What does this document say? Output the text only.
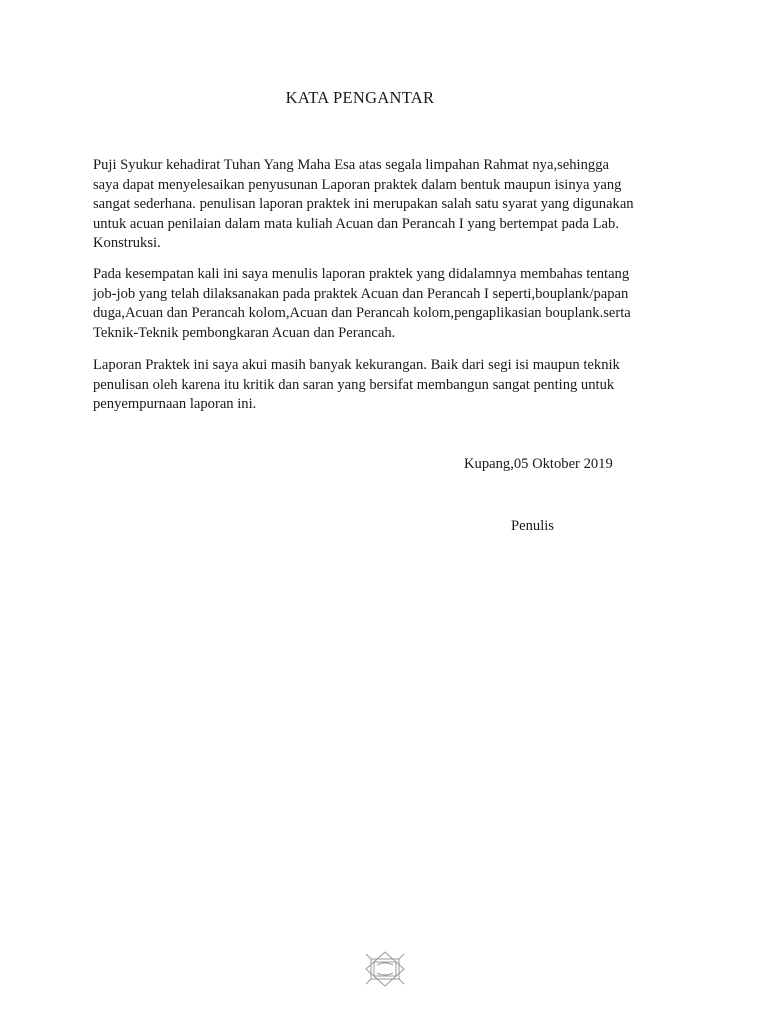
KATA PENGANTAR

Puji Syukur kehadirat Tuhan Yang Maha Esa atas segala limpahan Rahmat nya,sehingga

saya dapat menyelesaikan penyusunan Laporan praktek dalam bentuk maupun isinya yang

sangat sederhana. penulisan laporan praktek ini merupakan salah satu syarat yang digunakan

untuk acuan penilaian dalam mata kuliah Acuan dan Perancah I yang bertempat pada Lab.

Konstruksi.

Pada kesempatan kali ini saya menulis laporan praktek yang didalamnya membahas tentang

job-job yang telah dilaksanakan pada praktek Acuan dan Perancah I seperti,bouplank/papan

duga,Acuan dan Perancah kolom,Acuan dan Perancah kolom,pengaplikasian bouplank.serta

Teknik-Teknik pembongkaran Acuan dan Perancah.

Laporan Praktek ini saya akui masih banyak kekurangan. Baik dari segi isi maupun teknik

penulisan oleh karena itu kritik dan saran yang bersifat membangun sangat penting untuk

penyempurnaan laporan ini.

Kupang,05 Oktober 2019
Penulis
